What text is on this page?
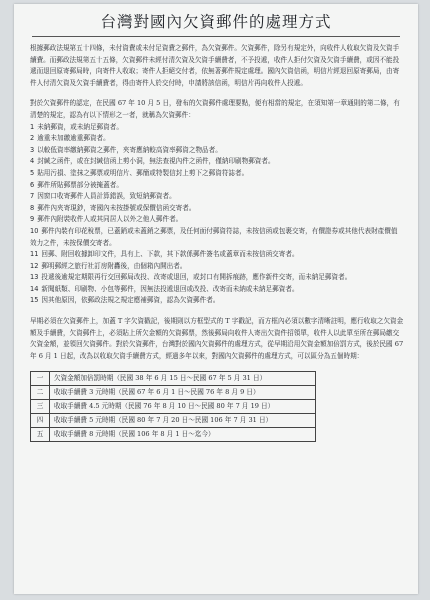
台灣對國內欠資郵件的處理方式

根據郵政法規第五十四條，未付資費或未付足資費之郵件，為欠資郵件。欠資郵件，除另有規定外，向收件人收取欠資及欠資手續費。而郵政法規第五十五條，欠資郵件未經付清欠資及欠資手續費者，不予投遞，收件人拒付欠資及欠資手續費，或因不能投遞而退回原寄郵局時，向寄件人收取；寄件人拒絕交付者，依無著郵件規定處理。國內欠資信函，明信片經退回原寄郵局，由寄件人付清欠資及欠資手續費者，得由寄件人於交付時，申請將該信函，明信片再向收件人投遞。

對於欠資郵件的認定，在民國 67 年 10 月 5 日，發布的欠資郵件處理要點，便有相當的規定，在須知第一章通則的第二條，有清楚的規定，認為有以下情形之一者，就稱為欠資郵件：

1 未納郵資，或未納足郵資者。
2 逾重未加繳逾重郵資者。
3 以較低資率繳納郵資之郵件，夾寄應納較高資率郵資之物品者。
4 封緘之函件，或在封緘信函上剪小洞，無法查視內件之函件，僅納印刷物郵資者。
5 貼用污損、塗抹之郵票或明信片、郵簡或特製信封上剪下之郵資符誌者。
6 郵件所貼郵票部分被掩蓋者。
7 因窗口收寄郵件人員計算錯誤，致短納郵資者。
8 郵件內夾寄現鈔，寄國內未按掛號或保價信函交寄者。
9 郵件內附裝收件人或其同居人以外之他人郵件者。
10 郵件內裝有印花稅票，已蓋銷或未蓋銷之郵票，及任何面付郵資符誌，未按信函或包裹交寄，有價證券或其他代表財產價值效力之件，未按保價交寄者。
11 回郵、附回收據卸印文件，具有上、下款，其下款係郵件簽名或蓋章而未按信函交寄者。
12 郵明郵經之旅行社訂房附轟後，由個箱內開出者。
13 投遞後逾規定期限再行交回郵局改投、改寄或退回，或封口有開拆痕跡，應作新件交寄，而未納足郵資者。
14 新聞紙類、印刷物、小包等郵件，因無法投遞退回或改投、改寄而未納或未納足郵資者。
15 因其他原因，依郵政法規之規定應補郵資，認為欠資郵件者。

早期必須在欠資郵件上，加蓋 T 字欠資戳記，後期則以方框型式的 T 字戳記，而方框內必須以數字清晰註明，應行收取之欠資金額及手續費，欠資郵件上，必須貼上所欠金額的欠資郵票，然後郵局向收件人寄出欠資件招領單，收件人以此單至所在郵局繳交欠資金額，並領回欠資郵件。對於欠資郵件，台灣對於國內欠資郵件的處理方式，從早期沿用欠資金額加倍罰方式，後於民國 67 年 6 月 1 日起，改為以收取欠資手續費方式，經過多年以來，對國內欠資郵件的處理方式，可以區分為五個時期：

一	欠資金額加倍罰時期（民國 38 年 6 月 15 日～民國 67 年 5 月 31 日）
二	收取手續費 3 元時期（民國 67 年 6 月 1 日～民國 76 年 8 月 9 日）
三	收取手續費 4.5 元時期（民國 76 年 8 月 10 日～民國 80 年 7 月 19 日）
四	收取手續費 5 元時期（民國 80 年 7 月 20 日～民國 106 年 7 月 31 日）
五	收取手續費 8 元時期（民國 106 年 8 月 1 日～迄今）
